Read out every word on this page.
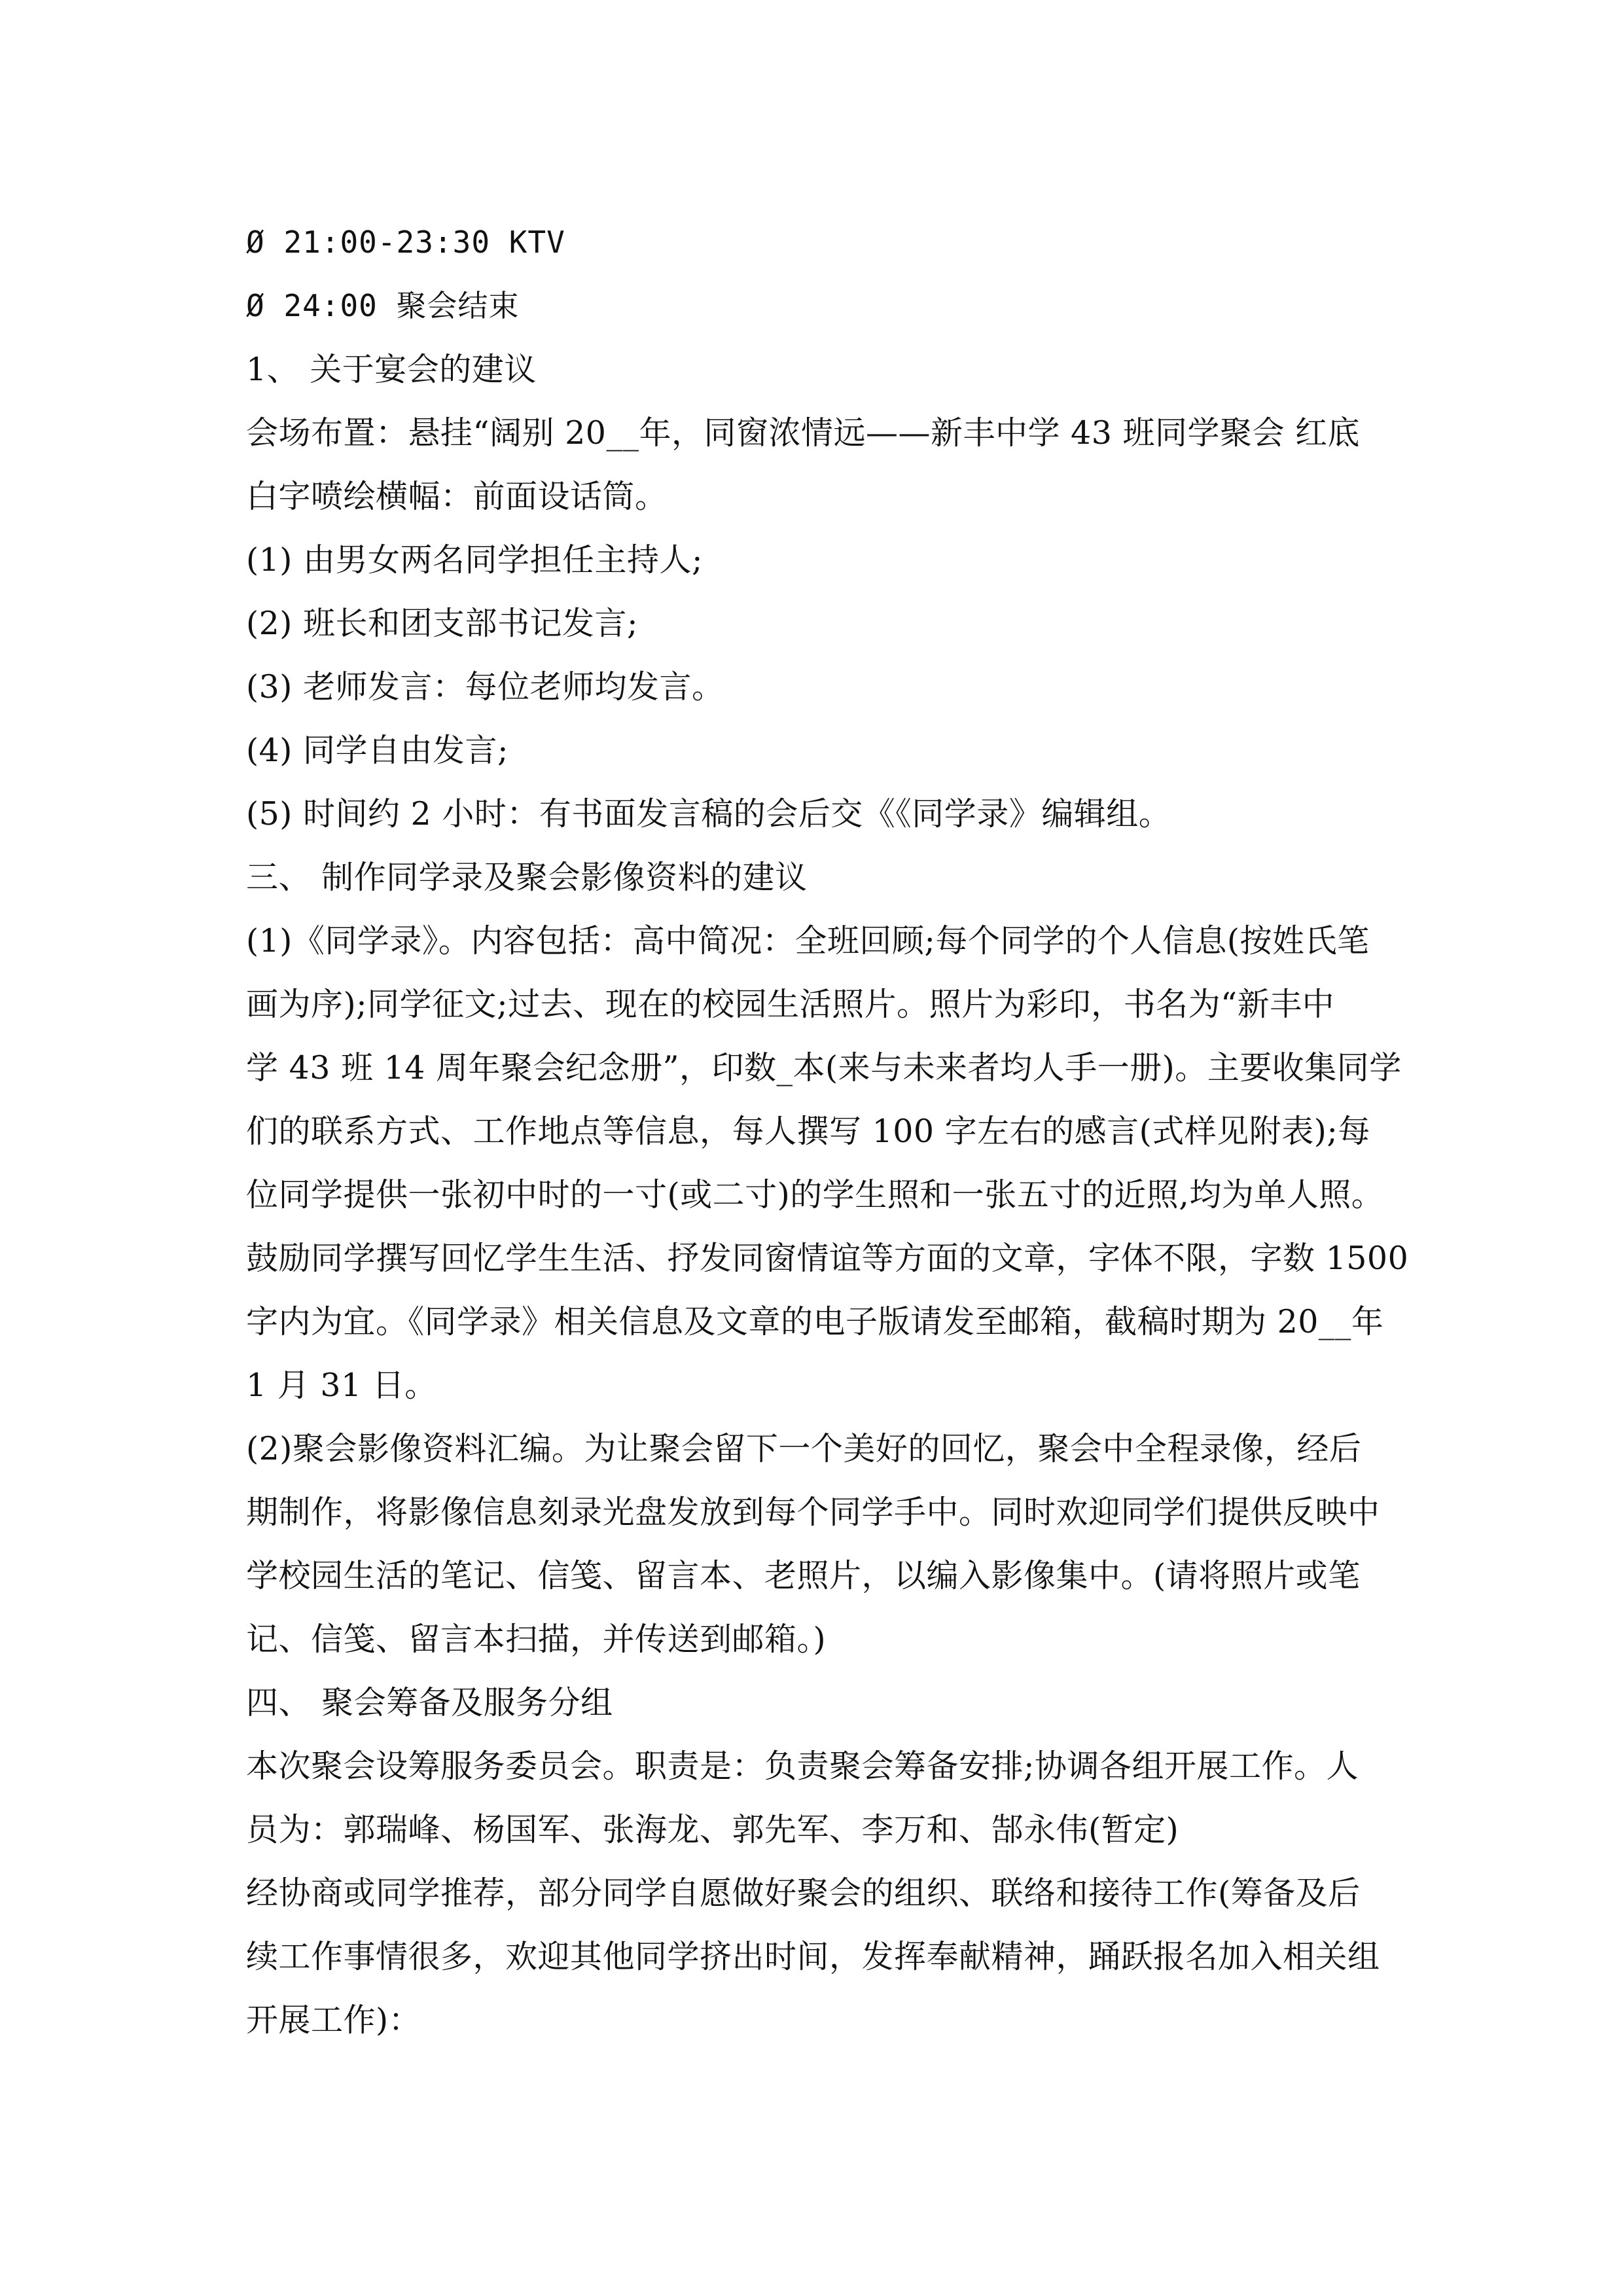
Ø 21:00-23:30 KTV
Ø 24:00 聚会结束
1、 关于宴会的建议
会场布置：悬挂“阔别 20__年，同窗浓情远——新丰中学 43 班同学聚会 红底
白字喷绘横幅：前面设话筒。
(1) 由男女两名同学担任主持人;
(2) 班长和团支部书记发言;
(3) 老师发言：每位老师均发言。
(4) 同学自由发言;
(5) 时间约 2 小时：有书面发言稿的会后交《《同学录》编辑组。
三、 制作同学录及聚会影像资料的建议
(1)《同学录》。内容包括：高中简况：全班回顾;每个同学的个人信息(按姓氏笔
画为序);同学征文;过去、现在的校园生活照片。照片为彩印，书名为“新丰中
学 43 班 14 周年聚会纪念册”，印数_本(来与未来者均人手一册)。主要收集同学
们的联系方式、工作地点等信息，每人撰写 100 字左右的感言(式样见附表);每
位同学提供一张初中时的一寸(或二寸)的学生照和一张五寸的近照,均为单人照。
鼓励同学撰写回忆学生生活、抒发同窗情谊等方面的文章，字体不限，字数 1500
字内为宜。《同学录》相关信息及文章的电子版请发至邮箱，截稿时期为 20__年
1 月 31 日。
(2)聚会影像资料汇编。为让聚会留下一个美好的回忆，聚会中全程录像，经后
期制作，将影像信息刻录光盘发放到每个同学手中。同时欢迎同学们提供反映中
学校园生活的笔记、信笺、留言本、老照片，以编入影像集中。(请将照片或笔
记、信笺、留言本扫描，并传送到邮箱。)
四、 聚会筹备及服务分组
本次聚会设筹服务委员会。职责是：负责聚会筹备安排;协调各组开展工作。人
员为：郭瑞峰、杨国军、张海龙、郭先军、李万和、郜永伟(暂定)
经协商或同学推荐，部分同学自愿做好聚会的组织、联络和接待工作(筹备及后
续工作事情很多，欢迎其他同学挤出时间，发挥奉献精神，踊跃报名加入相关组
开展工作)：
